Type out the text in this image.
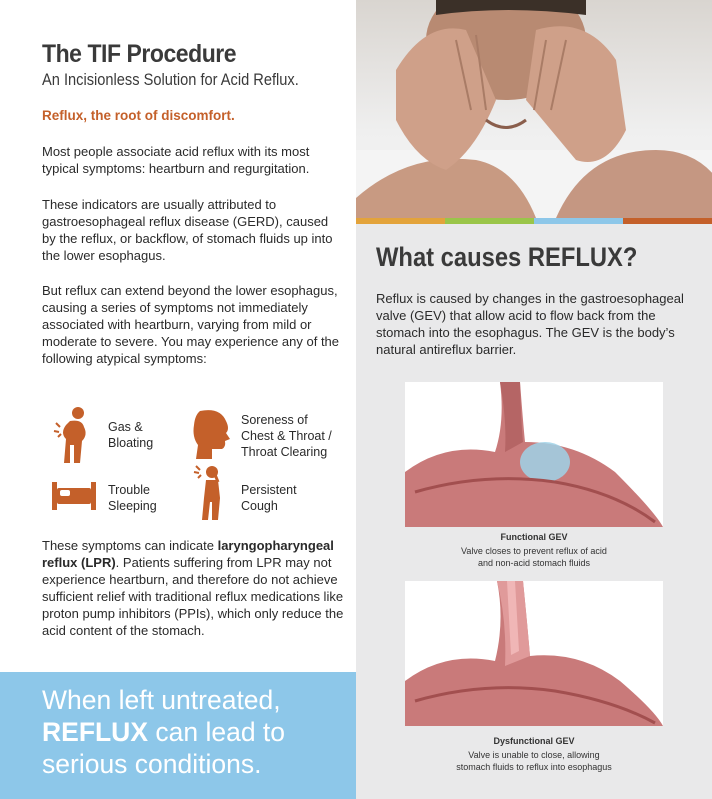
The TIF Procedure
An Incisionless Solution for Acid Reflux.
Reflux, the root of discomfort.

Most people associate acid reflux with its most typical symptoms: heartburn and regurgitation.

These indicators are usually attributed to gastroesophageal reflux disease (GERD), caused by the reflux, or backflow, of stomach fluids up into the lower esophagus.

But reflux can extend beyond the lower esophagus, causing a series of symptoms not immediately associated with heartburn, varying from mild or moderate to severe. You may experience any of the following atypical symptoms:

Gas &
Bloating
Soreness of
Chest & Throat /
Throat Clearing
Trouble
Sleeping
Persistent
Cough

These symptoms can indicate laryngopharyngeal reflux (LPR). Patients suffering from LPR may not experience heartburn, and therefore do not achieve sufficient relief with traditional reflux medications like proton pump inhibitors (PPIs), which only reduce the acid content of the stomach.

When left untreated,
REFLUX can lead to
serious conditions.
What causes REFLUX?
Reflux is caused by changes in the gastroesophageal valve (GEV) that allow acid to flow back from the stomach into the esophagus. The GEV is the body’s natural antireflux barrier.
Functional GEV
Valve closes to prevent reflux of acid
and non-acid stomach fluids
Dysfunctional GEV
Valve is unable to close, allowing
stomach fluids to reflux into esophagus
